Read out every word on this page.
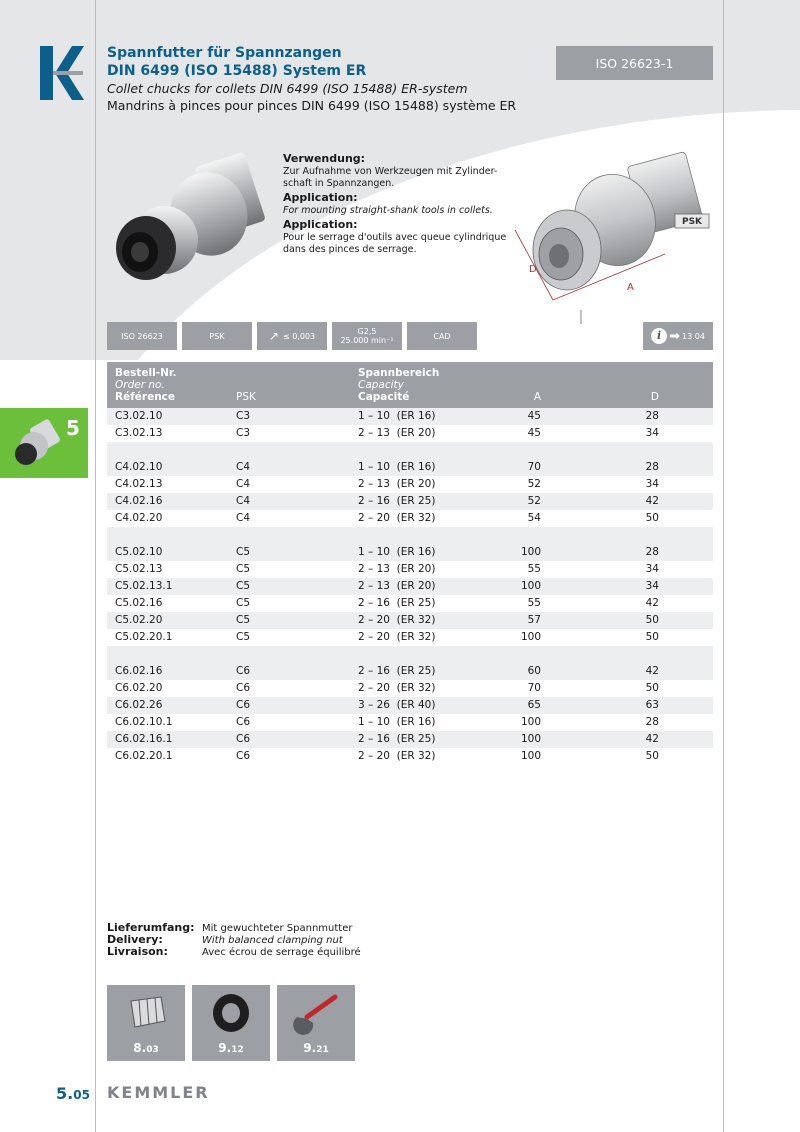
Spannfutter für Spannzangen
DIN 6499 (ISO 15488) System ER
Collet chucks for collets DIN 6499 (ISO 15488) ER-system
Mandrins à pinces pour pinces DIN 6499 (ISO 15488) système ER
ISO 26623-1
Verwendung:
Zur Aufnahme von Werkzeugen mit Zylinder-schaft in Spannzangen.
Application:
For mounting straight-shank tools in collets.
Application:
Pour le serrage d'outils avec queue cylindrique dans des pinces de serrage.
PSK
A
D
ISO 26623	PSK	↗ ≤ 0,003	G2,5
25.000 min⁻¹	CAD	i ➡ 13.04
5
Bestell-Nr.
Order no.
Référence	PSK
Spannbereich
Capacity
Capacité	A	D
C3.02.10	C3	1 – 10  (ER 16)	45	28
C3.02.13	C3	2 – 13  (ER 20)	45	34
C4.02.10	C4	1 – 10  (ER 16)	70	28
C4.02.13	C4	2 – 13  (ER 20)	52	34
C4.02.16	C4	2 – 16  (ER 25)	52	42
C4.02.20	C4	2 – 20  (ER 32)	54	50
C5.02.10	C5	1 – 10  (ER 16)	100	28
C5.02.13	C5	2 – 13  (ER 20)	55	34
C5.02.13.1	C5	2 – 13  (ER 20)	100	34
C5.02.16	C5	2 – 16  (ER 25)	55	42
C5.02.20	C5	2 – 20  (ER 32)	57	50
C5.02.20.1	C5	2 – 20  (ER 32)	100	50
C6.02.16	C6	2 – 16  (ER 25)	60	42
C6.02.20	C6	2 – 20  (ER 32)	70	50
C6.02.26	C6	3 – 26  (ER 40)	65	63
C6.02.10.1	C6	1 – 10  (ER 16)	100	28
C6.02.16.1	C6	2 – 16  (ER 25)	100	42
C6.02.20.1	C6	2 – 20  (ER 32)	100	50
Lieferumfang: Mit gewuchteter Spannmutter
Delivery:	With balanced clamping nut
Livraison:	Avec écrou de serrage équilibré
8.03	9.12	9.21
5.05 KEMMLER
